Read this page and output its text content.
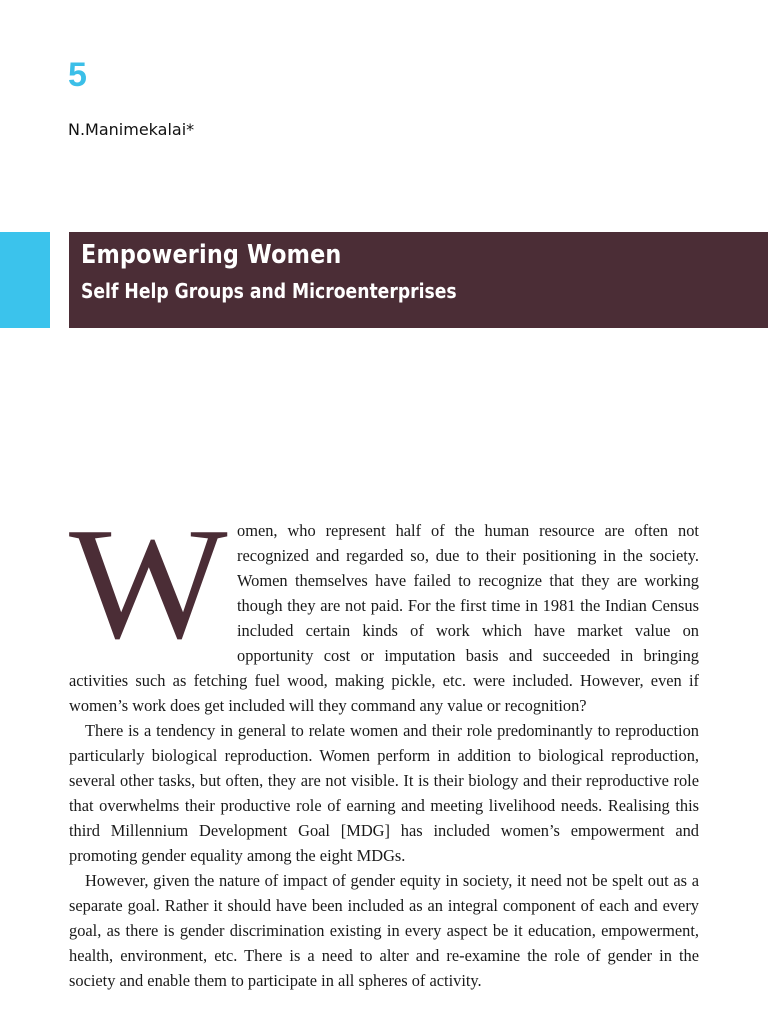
5
N.Manimekalai*
Empowering Women
Self Help Groups and Microenterprises

Women, who represent half of the human resource are often not recognized and regarded so, due to their positioning in the society. Women themselves have failed to recognize that they are working though they are not paid. For the first time in 1981 the Indian Census included certain kinds of work which have market value on opportunity cost or imputation basis and succeeded in bringing activities such as fetching fuel wood, making pickle, etc. were included. However, even if women’s work does get included will they command any value or recognition?

There is a tendency in general to relate women and their role predominantly to reproduction particularly biological reproduction. Women perform in addition to biological reproduction, several other tasks, but often, they are not visible. It is their biology and their reproductive role that overwhelms their productive role of earning and meeting livelihood needs. Realising this third Millennium Development Goal [MDG] has included women’s empowerment and promoting gender equality among the eight MDGs.

However, given the nature of impact of gender equity in society, it need not be spelt out as a separate goal. Rather it should have been included as an integral component of each and every goal, as there is gender discrimination existing in every aspect be it education, empowerment, health, environment, etc. There is a need to alter and re-examine the role of gender in the society and enable them to participate in all spheres of activity.
